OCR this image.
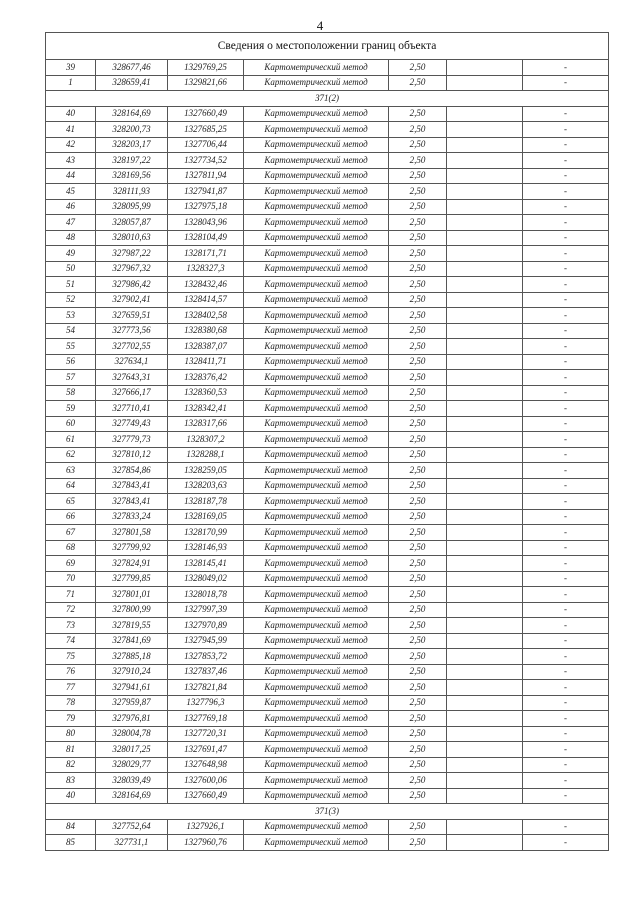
4
Сведения о местоположении границ объекта						
39	328677,46	1329769,25	Картометрический метод	2,50		-
1	328659,41	1329821,66	Картометрический метод	2,50		-
З71(2)						
40	328164,69	1327660,49	Картометрический метод	2,50		-
41	328200,73	1327685,25	Картометрический метод	2,50		-
42	328203,17	1327706,44	Картометрический метод	2,50		-
43	328197,22	1327734,52	Картометрический метод	2,50		-
44	328169,56	1327811,94	Картометрический метод	2,50		-
45	328111,93	1327941,87	Картометрический метод	2,50		-
46	328095,99	1327975,18	Картометрический метод	2,50		-
47	328057,87	1328043,96	Картометрический метод	2,50		-
48	328010,63	1328104,49	Картометрический метод	2,50		-
49	327987,22	1328171,71	Картометрический метод	2,50		-
50	327967,32	1328327,3	Картометрический метод	2,50		-
51	327986,42	1328432,46	Картометрический метод	2,50		-
52	327902,41	1328414,57	Картометрический метод	2,50		-
53	327659,51	1328402,58	Картометрический метод	2,50		-
54	327773,56	1328380,68	Картометрический метод	2,50		-
55	327702,55	1328387,07	Картометрический метод	2,50		-
56	327634,1	1328411,71	Картометрический метод	2,50		-
57	327643,31	1328376,42	Картометрический метод	2,50		-
58	327666,17	1328360,53	Картометрический метод	2,50		-
59	327710,41	1328342,41	Картометрический метод	2,50		-
60	327749,43	1328317,66	Картометрический метод	2,50		-
61	327779,73	1328307,2	Картометрический метод	2,50		-
62	327810,12	1328288,1	Картометрический метод	2,50		-
63	327854,86	1328259,05	Картометрический метод	2,50		-
64	327843,41	1328203,63	Картометрический метод	2,50		-
65	327843,41	1328187,78	Картометрический метод	2,50		-
66	327833,24	1328169,05	Картометрический метод	2,50		-
67	327801,58	1328170,99	Картометрический метод	2,50		-
68	327799,92	1328146,93	Картометрический метод	2,50		-
69	327824,91	1328145,41	Картометрический метод	2,50		-
70	327799,85	1328049,02	Картометрический метод	2,50		-
71	327801,01	1328018,78	Картометрический метод	2,50		-
72	327800,99	1327997,39	Картометрический метод	2,50		-
73	327819,55	1327970,89	Картометрический метод	2,50		-
74	327841,69	1327945,99	Картометрический метод	2,50		-
75	327885,18	1327853,72	Картометрический метод	2,50		-
76	327910,24	1327837,46	Картометрический метод	2,50		-
77	327941,61	1327821,84	Картометрический метод	2,50		-
78	327959,87	1327796,3	Картометрический метод	2,50		-
79	327976,81	1327769,18	Картометрический метод	2,50		-
80	328004,78	1327720,31	Картометрический метод	2,50		-
81	328017,25	1327691,47	Картометрический метод	2,50		-
82	328029,77	1327648,98	Картометрический метод	2,50		-
83	328039,49	1327600,06	Картометрический метод	2,50		-
40	328164,69	1327660,49	Картометрический метод	2,50		-
З71(3)						
84	327752,64	1327926,1	Картометрический метод	2,50		-
85	327731,1	1327960,76	Картометрический метод	2,50		-
